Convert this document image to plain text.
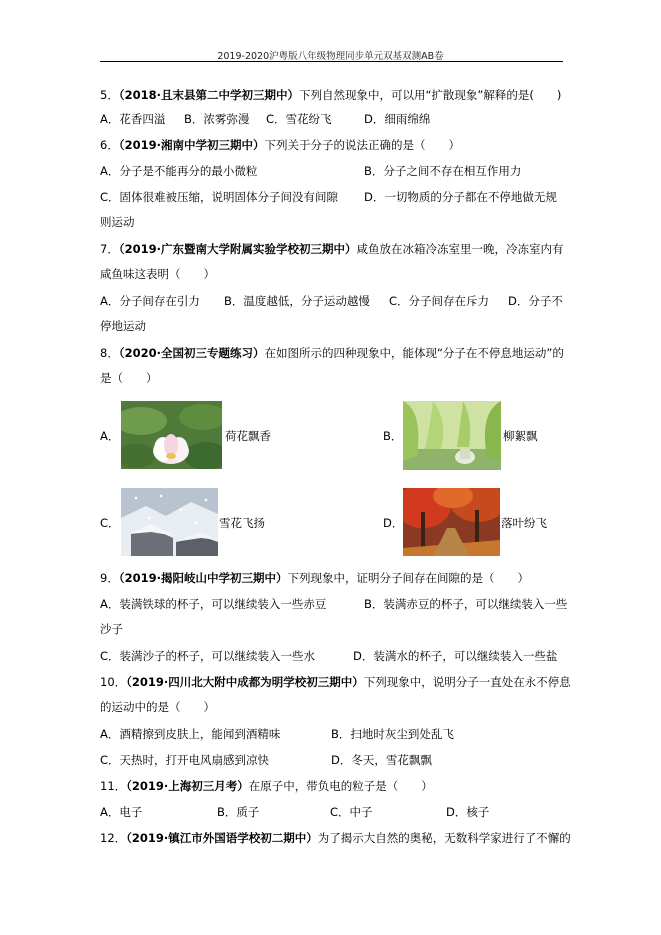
2019-2020沪粤版八年级物理同步单元双基双测AB卷
5．（2018·且末县第二中学初三期中）下列自然现象中，可以用“扩散现象”解释的是(　　)
A．花香四溢 B．浓雾弥漫 C．雪花纷飞	D．细雨绵绵
6．（2019·湘南中学初三期中）下列关于分子的说法正确的是（　　）
A．分子是不能再分的最小微粒	B．分子之间不存在相互作用力
C．固体很难被压缩，说明固体分子间没有间隙 D．一切物质的分子都在不停地做无规
则运动
7．（2019·广东暨南大学附属实验学校初三期中）咸鱼放在冰箱冷冻室里一晚，冷冻室内有
咸鱼味这表明（　　）
A．分子间存在引力 B．温度越低，分子运动越慢 C．分子间存在斥力 D．分子不
停地运动
8．（2020·全国初三专题练习）在如图所示的四种现象中，能体现“分子在不停息地运动”的
是（　　）
A．	荷花飘香	B．	柳絮飘
C．	雪花飞扬	D．	落叶纷飞
9．（2019·揭阳岐山中学初三期中）下列现象中，证明分子间存在间隙的是（　　）
A．装满铁球的杯子，可以继续装入一些赤豆	B．装满赤豆的杯子，可以继续装入一些
沙子
C．装满沙子的杯子，可以继续装入一些水	D．装满水的杯子，可以继续装入一些盐
10．（2019·四川北大附中成都为明学校初三期中）下列现象中，说明分子一直处在永不停息
的运动中的是（　　）
A．酒精擦到皮肤上，能闻到酒精味	B．扫地时灰尘到处乱飞
C．天热时，打开电风扇感到凉快	D．冬天，雪花飘飘
11．（2019·上海初三月考）在原子中，带负电的粒子是（　　）
A．电子	B．质子	C．中子	D．核子
12．（2019·镇江市外国语学校初二期中）为了揭示大自然的奥秘，无数科学家进行了不懈的
